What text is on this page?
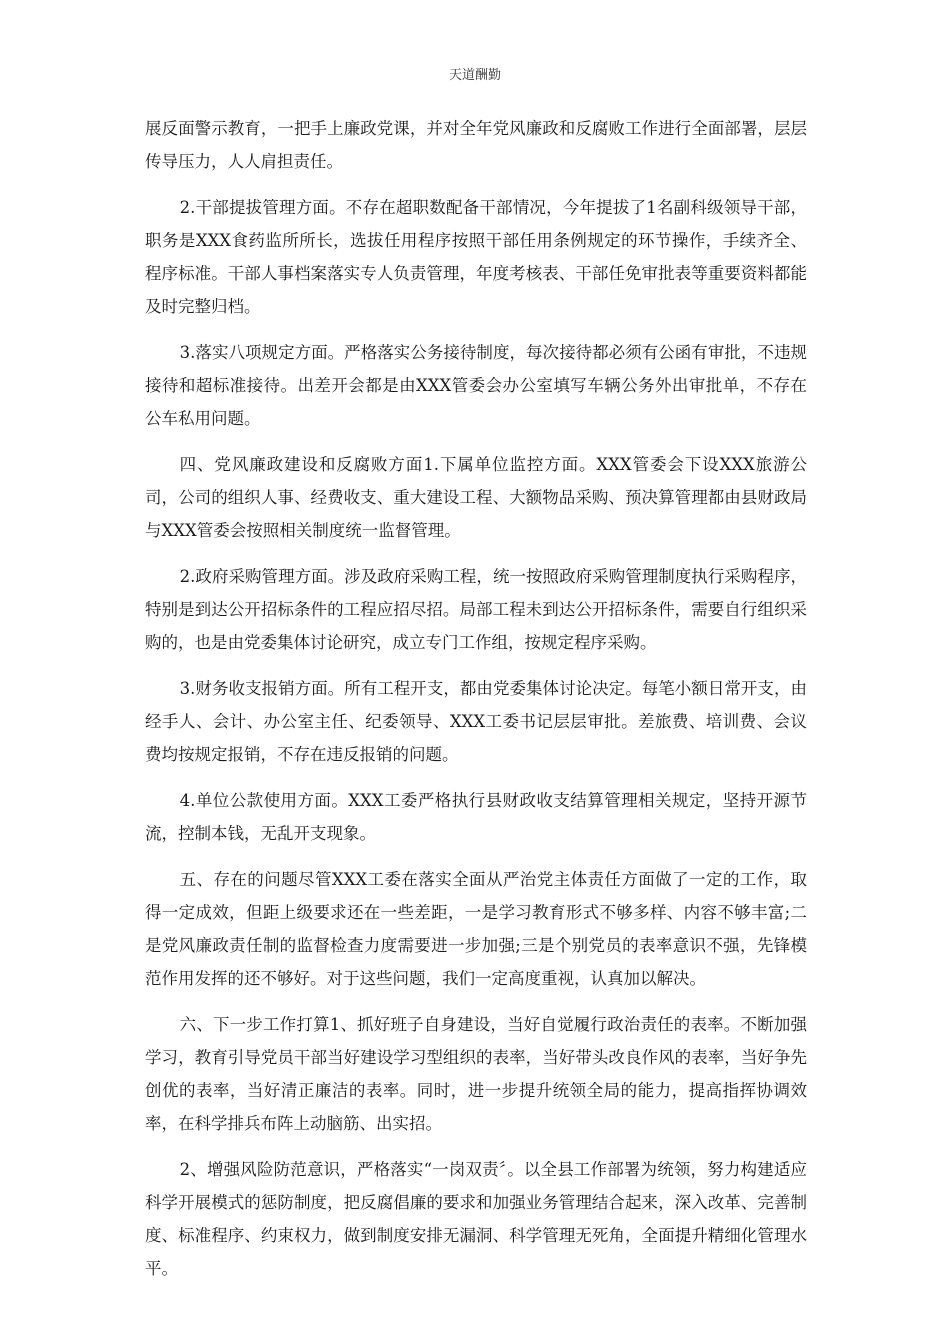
天道酬勤

展反面警示教育，一把手上廉政党课，并对全年党风廉政和反腐败工作进行全面部署，层层传导压力，人人肩担责任。

2.干部提拔管理方面。不存在超职数配备干部情况，今年提拔了1名副科级领导干部，职务是XXX食药监所所长，选拔任用程序按照干部任用条例规定的环节操作，手续齐全、程序标准。干部人事档案落实专人负责管理，年度考核表、干部任免审批表等重要资料都能及时完整归档。

3.落实八项规定方面。严格落实公务接待制度，每次接待都必须有公函有审批，不违规接待和超标准接待。出差开会都是由XXX管委会办公室填写车辆公务外出审批单，不存在公车私用问题。

四、党风廉政建设和反腐败方面1.下属单位监控方面。XXX管委会下设XXX旅游公司，公司的组织人事、经费收支、重大建设工程、大额物品采购、预决算管理都由县财政局与XXX管委会按照相关制度统一监督管理。

2.政府采购管理方面。涉及政府采购工程，统一按照政府采购管理制度执行采购程序，特别是到达公开招标条件的工程应招尽招。局部工程未到达公开招标条件，需要自行组织采购的，也是由党委集体讨论研究，成立专门工作组，按规定程序采购。

3.财务收支报销方面。所有工程开支，都由党委集体讨论决定。每笔小额日常开支，由经手人、会计、办公室主任、纪委领导、XXX工委书记层层审批。差旅费、培训费、会议费均按规定报销，不存在违反报销的问题。

4.单位公款使用方面。XXX工委严格执行县财政收支结算管理相关规定，坚持开源节流，控制本钱，无乱开支现象。

五、存在的问题尽管XXX工委在落实全面从严治党主体责任方面做了一定的工作，取得一定成效，但距上级要求还在一些差距，一是学习教育形式不够多样、内容不够丰富;二是党风廉政责任制的监督检查力度需要进一步加强;三是个别党员的表率意识不强，先锋模范作用发挥的还不够好。对于这些问题，我们一定高度重视，认真加以解决。

六、下一步工作打算1、抓好班子自身建设，当好自觉履行政治责任的表率。不断加强学习，教育引导党员干部当好建设学习型组织的表率，当好带头改良作风的表率，当好争先创优的表率，当好清正廉洁的表率。同时，进一步提升统领全局的能力，提高指挥协调效率，在科学排兵布阵上动脑筋、出实招。

2、增强风险防范意识，严格落实“一岗双责〞。以全县工作部署为统领，努力构建适应科学开展模式的惩防制度，把反腐倡廉的要求和加强业务管理结合起来，深入改革、完善制度、标准程序、约束权力，做到制度安排无漏洞、科学管理无死角，全面提升精细化管理水平。
